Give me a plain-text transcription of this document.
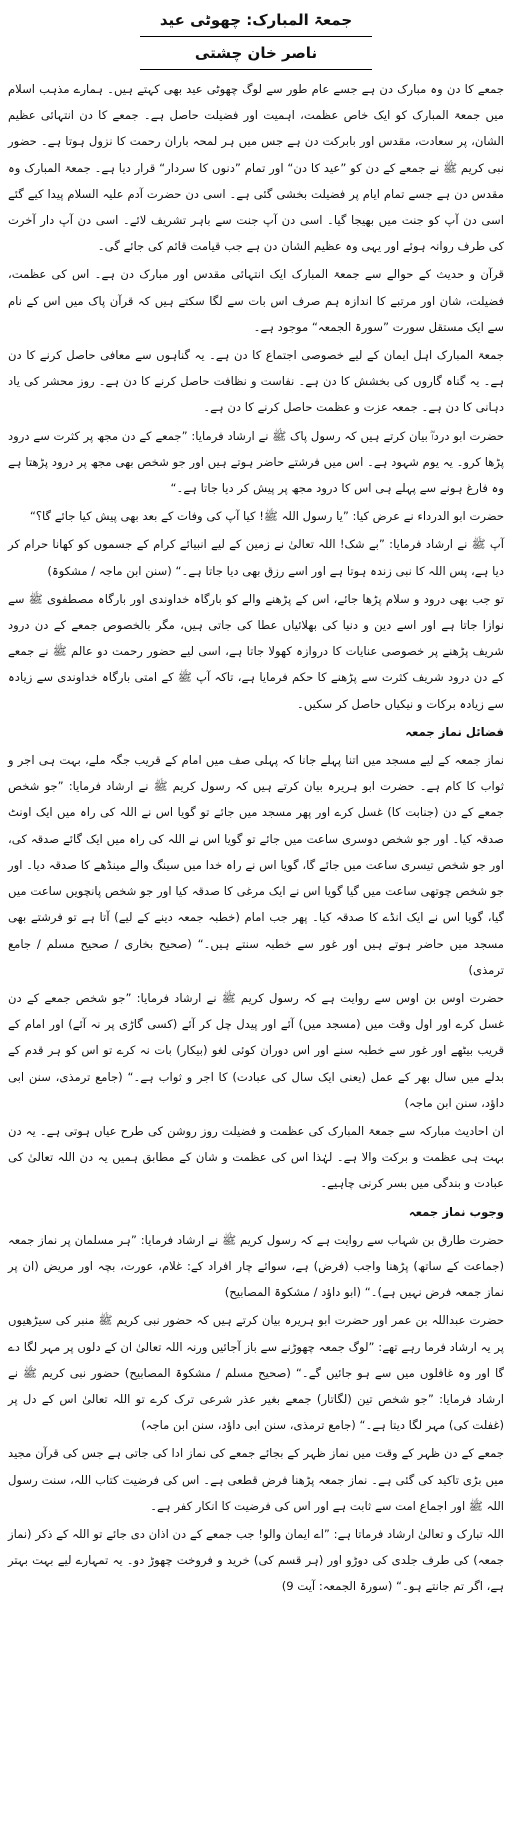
جمعۃ المبارک: چھوٹی عید
ناصر خان چشتی

جمعے کا دن وہ مبارک دن ہے جسے عام طور سے لوگ چھوٹی عید بھی کہتے ہیں۔ ہمارے مذہب اسلام میں جمعۃ المبارک کو ایک خاص عظمت، اہمیت اور فضیلت حاصل ہے۔ جمعے کا دن انتہائی عظیم الشان، پر سعادت، مقدس اور بابرکت دن ہے جس میں ہر لمحہ باران رحمت کا نزول ہوتا ہے۔ حضور نبی کریم ﷺ نے جمعے کے دن کو ”عید کا دن“ اور تمام ”دنوں کا سردار“ قرار دیا ہے۔ جمعۃ المبارک وہ مقدس دن ہے جسے تمام ایام پر فضیلت بخشی گئی ہے۔ اسی دن حضرت آدم علیہ السلام پیدا کیے گئے اسی دن آپ کو جنت میں بھیجا گیا۔ اسی دن آپ جنت سے باہر تشریف لائے۔ اسی دن آپ دار آخرت کی طرف روانہ ہوئے اور یہی وہ عظیم الشان دن ہے جب قیامت قائم کی جائے گی۔

قرآن و حدیث کے حوالے سے جمعۃ المبارک ایک انتہائی مقدس اور مبارک دن ہے۔ اس کی عظمت، فضیلت، شان اور مرتبے کا اندازہ ہم صرف اس بات سے لگا سکتے ہیں کہ قرآن پاک میں اس کے نام سے ایک مستقل سورت ”سورۃ الجمعہ“ موجود ہے۔

جمعۃ المبارک اہل ایمان کے لیے خصوصی اجتماع کا دن ہے۔ یہ گناہوں سے معافی حاصل کرنے کا دن ہے۔ یہ گناہ گاروں کی بخشش کا دن ہے۔ نفاست و نظافت حاصل کرنے کا دن ہے۔ روز محشر کی یاد دہانی کا دن ہے۔ جمعہ عزت و عظمت حاصل کرنے کا دن ہے۔

حضرت ابو درداؓ بیان کرتے ہیں کہ رسول پاک ﷺ نے ارشاد فرمایا: ”جمعے کے دن مجھ پر کثرت سے درود پڑھا کرو۔ یہ یوم شہود ہے۔ اس میں فرشتے حاضر ہوتے ہیں اور جو شخص بھی مجھ پر درود پڑھتا ہے وہ فارغ ہونے سے پہلے ہی اس کا درود مجھ پر پیش کر دیا جاتا ہے۔“

حضرت ابو الدرداء نے عرض کیا: ”یا رسول اللہ ﷺ! کیا آپ کی وفات کے بعد بھی پیش کیا جائے گا؟“

آپ ﷺ نے ارشاد فرمایا: ”بے شک! اللہ تعالیٰ نے زمین کے لیے انبیائے کرام کے جسموں کو کھانا حرام کر دیا ہے، پس اللہ کا نبی زندہ ہوتا ہے اور اسے رزق بھی دیا جاتا ہے۔“ (سنن ابن ماجہ / مشکوۃ)

تو جب بھی درود و سلام پڑھا جائے، اس کے پڑھنے والے کو بارگاہ خداوندی اور بارگاہ مصطفوی ﷺ سے نوازا جاتا ہے اور اسے دین و دنیا کی بھلائیاں عطا کی جاتی ہیں، مگر بالخصوص جمعے کے دن درود شریف پڑھنے پر خصوصی عنایات کا دروازہ کھولا جاتا ہے، اسی لیے حضور رحمت دو عالم ﷺ نے جمعے کے دن درود شریف کثرت سے پڑھنے کا حکم فرمایا ہے، تاکہ آپ ﷺ کے امتی بارگاہ خداوندی سے زیادہ سے زیادہ برکات و نیکیاں حاصل کر سکیں۔

فضائل نماز جمعہ

نماز جمعہ کے لیے مسجد میں اتنا پہلے جانا کہ پہلی صف میں امام کے قریب جگہ ملے، بہت ہی اجر و ثواب کا کام ہے۔ حضرت ابو ہریرہ بیان کرتے ہیں کہ رسول کریم ﷺ نے ارشاد فرمایا: ”جو شخص جمعے کے دن (جنابت کا) غسل کرے اور پھر مسجد میں جائے تو گویا اس نے اللہ کی راہ میں ایک اونٹ صدقہ کیا۔ اور جو شخص دوسری ساعت میں جائے تو گویا اس نے اللہ کی راہ میں ایک گائے صدقہ کی، اور جو شخص تیسری ساعت میں جائے گا، گویا اس نے راہ خدا میں سینگ والے مینڈھے کا صدقہ دیا۔ اور جو شخص چوتھی ساعت میں گیا گویا اس نے ایک مرغی کا صدقہ کیا اور جو شخص پانچویں ساعت میں گیا، گویا اس نے ایک انڈے کا صدقہ کیا۔ پھر جب امام (خطبہ جمعہ دینے کے لیے) آتا ہے تو فرشتے بھی مسجد میں حاضر ہوتے ہیں اور غور سے خطبہ سنتے ہیں۔“ (صحیح بخاری / صحیح مسلم / جامع ترمذی)

حضرت اوس بن اوس سے روایت ہے کہ رسول کریم ﷺ نے ارشاد فرمایا: ”جو شخص جمعے کے دن غسل کرے اور اول وقت میں (مسجد میں) آئے اور پیدل چل کر آئے (کسی گاڑی پر نہ آئے) اور امام کے قریب بیٹھے اور غور سے خطبہ سنے اور اس دوران کوئی لغو (بیکار) بات نہ کرے تو اس کو ہر قدم کے بدلے میں سال بھر کے عمل (یعنی ایک سال کی عبادت) کا اجر و ثواب ہے۔“ (جامع ترمذی، سنن ابی داؤد، سنن ابن ماجہ)

ان احادیث مبارکہ سے جمعۃ المبارک کی عظمت و فضیلت روز روشن کی طرح عیاں ہوتی ہے۔ یہ دن بہت ہی عظمت و برکت والا ہے۔ لہٰذا اس کی عظمت و شان کے مطابق ہمیں یہ دن اللہ تعالیٰ کی عبادت و بندگی میں بسر کرنی چاہیے۔

وجوب نماز جمعہ

حضرت طارق بن شہاب سے روایت ہے کہ رسول کریم ﷺ نے ارشاد فرمایا: ”ہر مسلمان پر نماز جمعہ (جماعت کے ساتھ) پڑھنا واجب (فرض) ہے، سوائے چار افراد کے: غلام، عورت، بچہ اور مریض (ان پر نماز جمعہ فرض نہیں ہے)۔“ (ابو داؤد / مشکوۃ المصابیح)

حضرت عبداللہ بن عمر اور حضرت ابو ہریرہ بیان کرتے ہیں کہ حضور نبی کریم ﷺ منبر کی سیڑھیوں پر یہ ارشاد فرما رہے تھے: ”لوگ جمعہ چھوڑنے سے باز آجائیں ورنہ اللہ تعالیٰ ان کے دلوں پر مہر لگا دے گا اور وہ غافلوں میں سے ہو جائیں گے۔“ (صحیح مسلم / مشکوۃ المصابیح) حضور نبی کریم ﷺ نے ارشاد فرمایا: ”جو شخص تین (لگاتار) جمعے بغیر عذر شرعی ترک کرے تو اللہ تعالیٰ اس کے دل پر (غفلت کی) مہر لگا دیتا ہے۔“ (جامع ترمذی، سنن ابی داؤد، سنن ابن ماجہ)

جمعے کے دن ظہر کے وقت میں نماز ظہر کے بجائے جمعے کی نماز ادا کی جاتی ہے جس کی قرآن مجید میں بڑی تاکید کی گئی ہے۔ نماز جمعہ پڑھنا فرض قطعی ہے۔ اس کی فرضیت کتاب اللہ، سنت رسول اللہ ﷺ اور اجماع امت سے ثابت ہے اور اس کی فرضیت کا انکار کفر ہے۔

اللہ تبارک و تعالیٰ ارشاد فرماتا ہے: ”اے ایمان والو! جب جمعے کے دن اذان دی جائے تو اللہ کے ذکر (نماز جمعہ) کی طرف جلدی کی دوڑو اور (ہر قسم کی) خرید و فروخت چھوڑ دو۔ یہ تمہارے لیے بہت بہتر ہے، اگر تم جانتے ہو۔“ (سورۃ الجمعہ: آیت 9)
